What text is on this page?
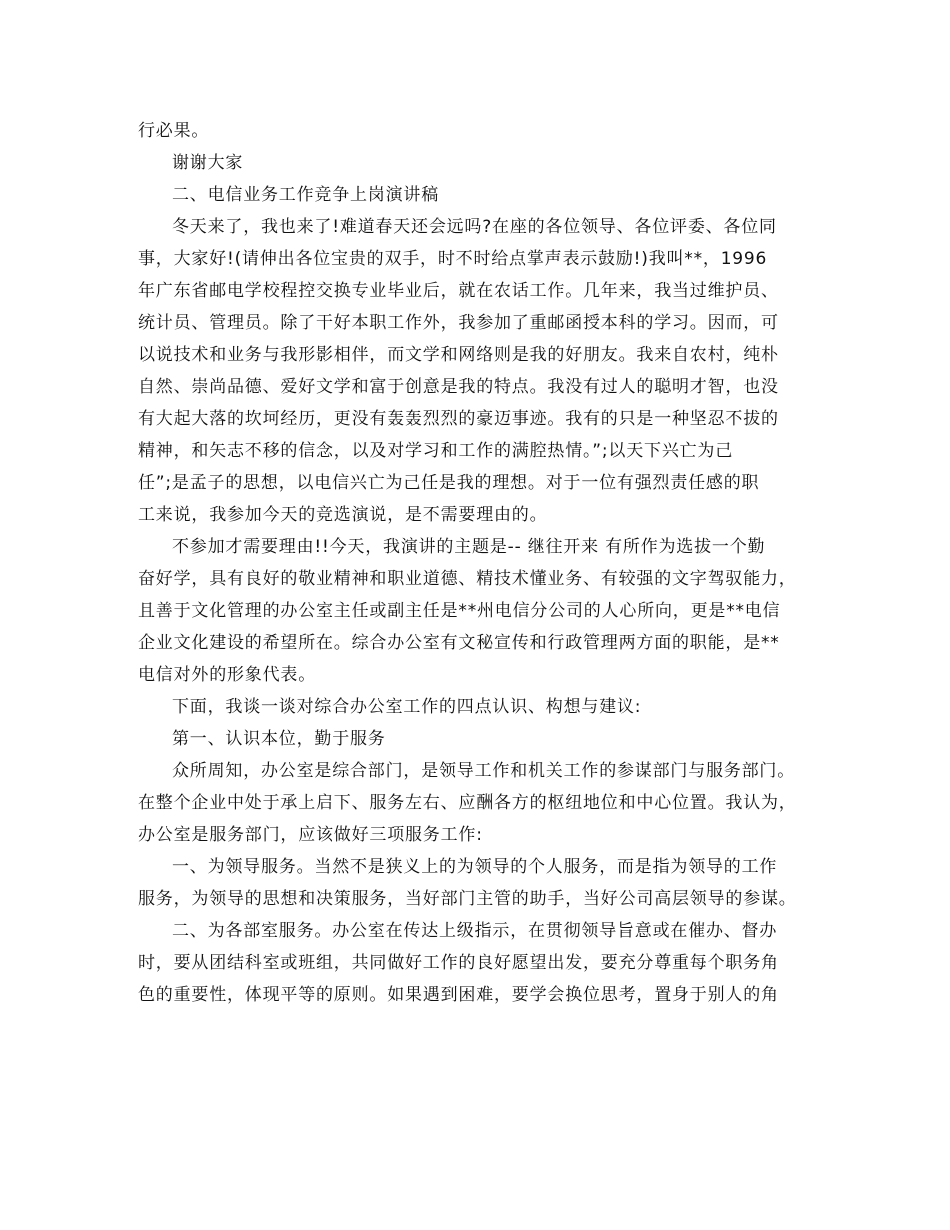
行必果。
谢谢大家
二、电信业务工作竞争上岗演讲稿
冬天来了，我也来了!难道春天还会远吗?在座的各位领导、各位评委、各位同
事，大家好!(请伸出各位宝贵的双手，时不时给点掌声表示鼓励!)我叫**，1996
年广东省邮电学校程控交换专业毕业后，就在农话工作。几年来，我当过维护员、
统计员、管理员。除了干好本职工作外，我参加了重邮函授本科的学习。因而，可
以说技术和业务与我形影相伴，而文学和网络则是我的好朋友。我来自农村，纯朴
自然、崇尚品德、爱好文学和富于创意是我的特点。我没有过人的聪明才智，也没
有大起大落的坎坷经历，更没有轰轰烈烈的豪迈事迹。我有的只是一种坚忍不拔的
精神，和矢志不移的信念，以及对学习和工作的满腔热情。”;以天下兴亡为己
任”;是孟子的思想，以电信兴亡为己任是我的理想。对于一位有强烈责任感的职
工来说，我参加今天的竞选演说，是不需要理由的。
不参加才需要理由!!今天，我演讲的主题是-- 继往开来 有所作为选拔一个勤
奋好学，具有良好的敬业精神和职业道德、精技术懂业务、有较强的文字驾驭能力，
且善于文化管理的办公室主任或副主任是**州电信分公司的人心所向，更是**电信
企业文化建设的希望所在。综合办公室有文秘宣传和行政管理两方面的职能，是**
电信对外的形象代表。
下面，我谈一谈对综合办公室工作的四点认识、构想与建议:
第一、认识本位，勤于服务
众所周知，办公室是综合部门，是领导工作和机关工作的参谋部门与服务部门。
在整个企业中处于承上启下、服务左右、应酬各方的枢纽地位和中心位置。我认为，
办公室是服务部门，应该做好三项服务工作:
一、为领导服务。当然不是狭义上的为领导的个人服务，而是指为领导的工作
服务，为领导的思想和决策服务，当好部门主管的助手，当好公司高层领导的参谋。
二、为各部室服务。办公室在传达上级指示，在贯彻领导旨意或在催办、督办
时，要从团结科室或班组，共同做好工作的良好愿望出发，要充分尊重每个职务角
色的重要性，体现平等的原则。如果遇到困难，要学会换位思考，置身于别人的角
